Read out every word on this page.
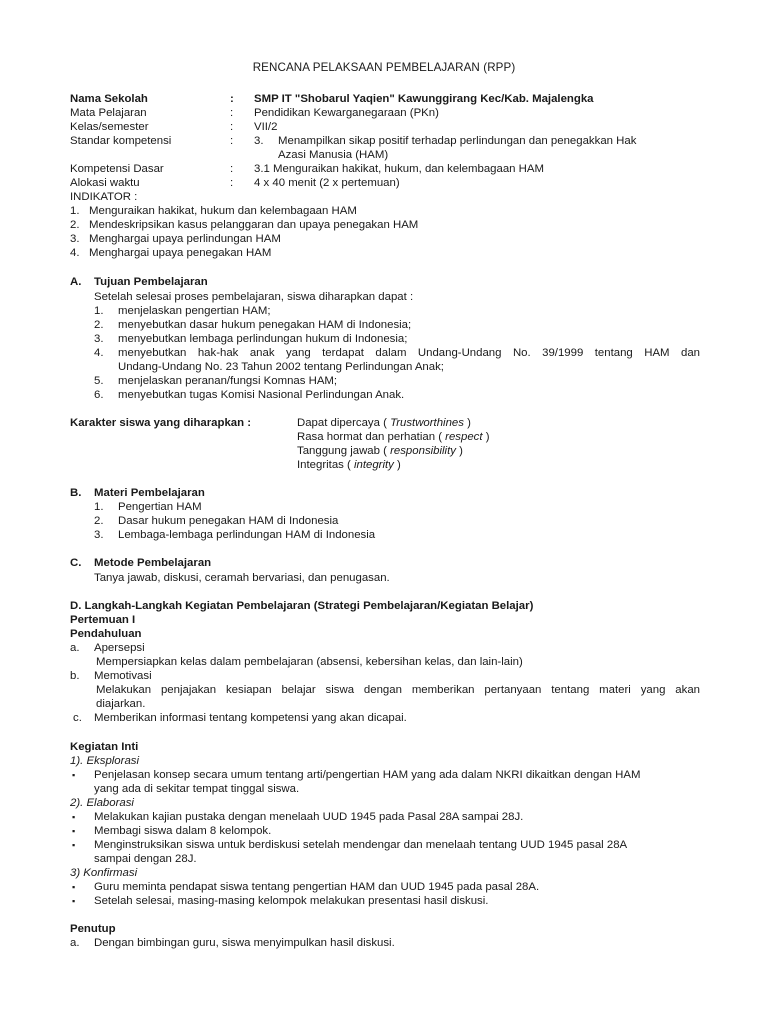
RENCANA PELAKSAAN PEMBELAJARAN (RPP)
Nama Sekolah	: SMP IT "Shobarul Yaqien" Kawunggirang Kec/Kab. Majalengka
Mata Pelajaran	: Pendidikan Kewarganegaraan (PKn)
Kelas/semester	: VII/2
Standar kompetensi	: 3. Menampilkan sikap positif terhadap perlindungan dan penegakkan Hak
Azasi Manusia (HAM)
Kompetensi Dasar	: 3.1 Menguraikan hakikat, hukum, dan kelembagaan HAM
Alokasi waktu	: 4 x 40 menit (2 x pertemuan)
INDIKATOR :
1. Menguraikan hakikat, hukum dan kelembagaan HAM
2. Mendeskripsikan kasus pelanggaran dan upaya penegakan HAM
3. Menghargai upaya perlindungan HAM
4. Menghargai upaya penegakan HAM
A. Tujuan Pembelajaran
Setelah selesai proses pembelajaran, siswa diharapkan dapat :
1. menjelaskan pengertian HAM;
2. menyebutkan dasar hukum penegakan HAM di Indonesia;
3. menyebutkan lembaga perlindungan hukum di Indonesia;
4. menyebutkan hak-hak anak yang terdapat dalam Undang-Undang No. 39/1999 tentang HAM dan
Undang-Undang No. 23 Tahun 2002 tentang Perlindungan Anak;
5. menjelaskan peranan/fungsi Komnas HAM;
6. menyebutkan tugas Komisi Nasional Perlindungan Anak.
Karakter siswa yang diharapkan :	Dapat dipercaya ( Trustworthines )
Rasa hormat dan perhatian ( respect )
Tanggung jawab ( responsibility )
Integritas ( integrity )
B. Materi Pembelajaran
1. Pengertian HAM
2. Dasar hukum penegakan HAM di Indonesia
3. Lembaga-lembaga perlindungan HAM di Indonesia
C. Metode Pembelajaran
Tanya jawab, diskusi, ceramah bervariasi, dan penugasan.
D. Langkah-Langkah Kegiatan Pembelajaran (Strategi Pembelajaran/Kegiatan Belajar)
Pertemuan I
Pendahuluan
a. Apersepsi
Mempersiapkan kelas dalam pembelajaran (absensi, kebersihan kelas, dan lain-lain)
b. Memotivasi
Melakukan penjajakan kesiapan belajar siswa dengan memberikan pertanyaan tentang materi yang akan
diajarkan.
c. Memberikan informasi tentang kompetensi yang akan dicapai.
Kegiatan Inti
1). Eksplorasi
▪ Penjelasan konsep secara umum tentang arti/pengertian HAM yang ada dalam NKRI dikaitkan dengan HAM
yang ada di sekitar tempat tinggal siswa.
2). Elaborasi
▪ Melakukan kajian pustaka dengan menelaah UUD 1945 pada Pasal 28A sampai 28J.
▪ Membagi siswa dalam 8 kelompok.
▪ Menginstruksikan siswa untuk berdiskusi setelah mendengar dan menelaah tentang UUD 1945 pasal 28A
sampai dengan 28J.
3) Konfirmasi
▪ Guru meminta pendapat siswa tentang pengertian HAM dan UUD 1945 pada pasal 28A.
▪ Setelah selesai, masing-masing kelompok melakukan presentasi hasil diskusi.
Penutup
a. Dengan bimbingan guru, siswa menyimpulkan hasil diskusi.
